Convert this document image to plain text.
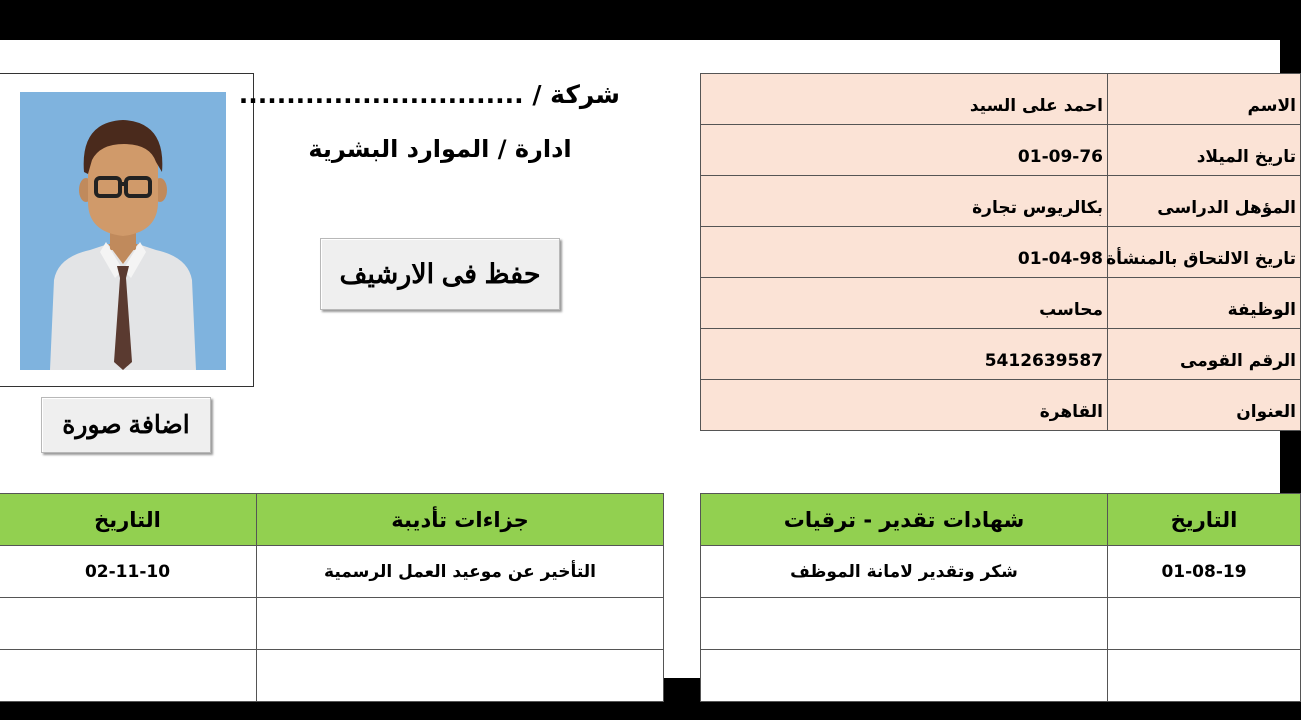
اضافة صورة
شركة / ..............................
ادارة / الموارد البشرية
حفظ فى الارشيف
احمد على السيد	الاسم
01-09-76	تاريخ الميلاد
بكالريوس تجارة	المؤهل الدراسى
01-04-98	تاريخ الالتحاق بالمنشأة
محاسب	الوظيفة
5412639587	الرقم القومى
القاهرة	العنوان
التاريخ	جزاءات تأديبة
02-11-10	التأخير عن موعيد العمل الرسمية

شهادات تقدير - ترقيات	التاريخ
شكر وتقدير لامانة الموظف	01-08-19
